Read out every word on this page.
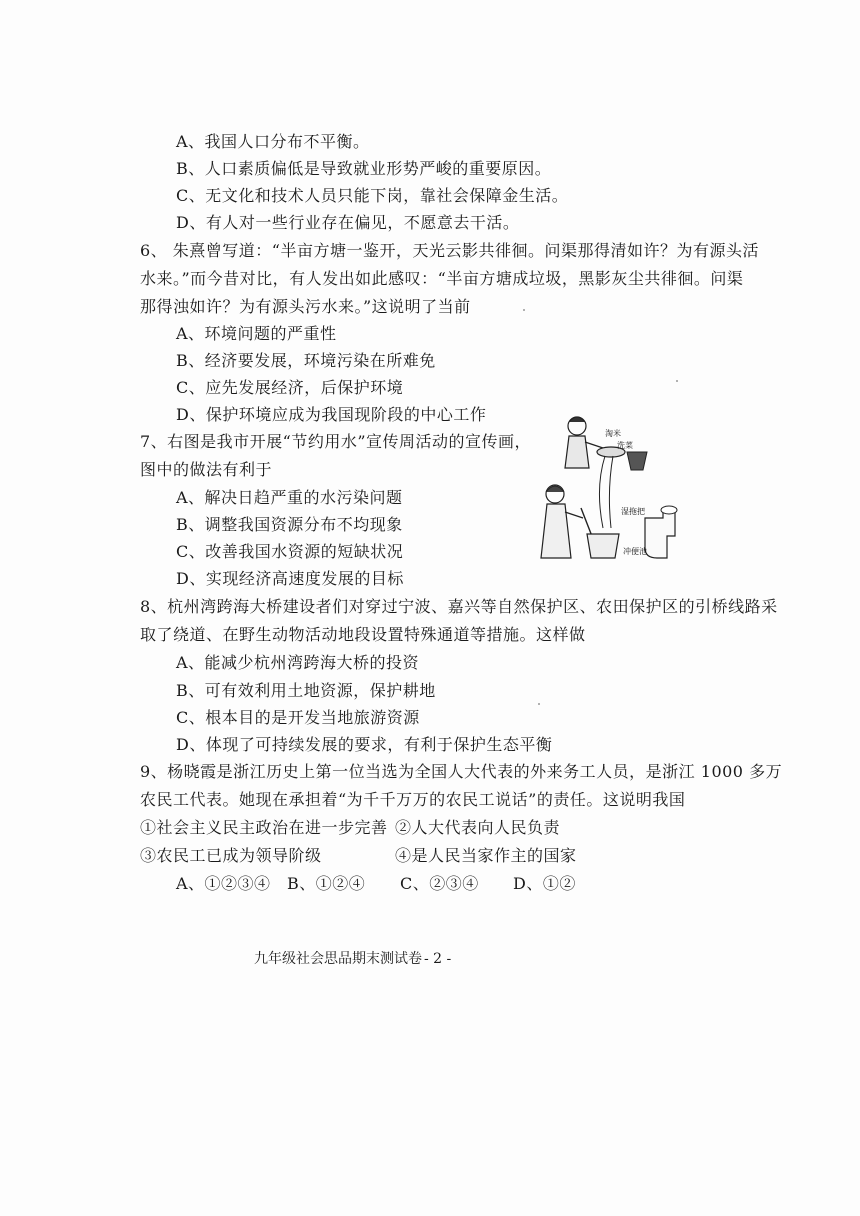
A、我国人口分布不平衡。
B、人口素质偏低是导致就业形势严峻的重要原因。
C、无文化和技术人员只能下岗，靠社会保障金生活。
D、有人对一些行业存在偏见，不愿意去干活。
6、 朱熹曾写道：“半亩方塘一鉴开，天光云影共徘徊。问渠那得清如许？为有源头活
水来。”而今昔对比，有人发出如此感叹：“半亩方塘成垃圾，黑影灰尘共徘徊。问渠
那得浊如许？为有源头污水来。”这说明了当前
A、环境问题的严重性
B、经济要发展，环境污染在所难免
C、应先发展经济，后保护环境
D、保护环境应成为我国现阶段的中心工作
7、右图是我市开展“节约用水”宣传周活动的宣传画，
图中的做法有利于
A、解决日趋严重的水污染问题
B、调整我国资源分布不均现象
C、改善我国水资源的短缺状况
D、实现经济高速度发展的目标
淘米
洗菜
湿拖把
冲便池
8、杭州湾跨海大桥建设者们对穿过宁波、嘉兴等自然保护区、农田保护区的引桥线路采
取了绕道、在野生动物活动地段设置特殊通道等措施。这样做
A、能减少杭州湾跨海大桥的投资
B、可有效利用土地资源，保护耕地
C、根本目的是开发当地旅游资源
D、体现了可持续发展的要求，有利于保护生态平衡
9、杨晓霞是浙江历史上第一位当选为全国人大代表的外来务工人员，是浙江 1000 多万
农民工代表。她现在承担着“为千千万万的农民工说话”的责任。这说明我国
①社会主义民主政治在进一步完善 ②人大代表向人民负责
③农民工已成为领导阶级	④是人民当家作主的国家
A、①②③④ B、①②④ C、②③④ D、①②
九年级社会思品期末测试卷 - 2 -
